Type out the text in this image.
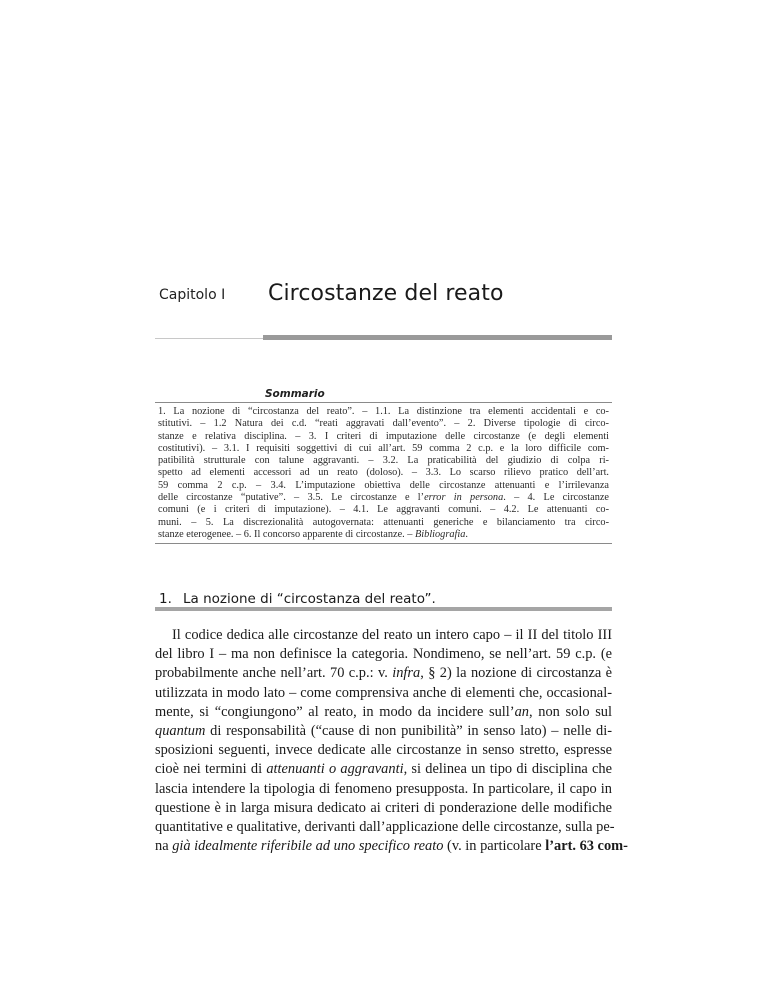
Capitolo I Circostanze del reato
Sommario
1. La nozione di “circostanza del reato”. – 1.1. La distinzione tra elementi accidentali e co-
stitutivi. – 1.2 Natura dei c.d. “reati aggravati dall’evento”. – 2. Diverse tipologie di circo-
stanze e relativa disciplina. – 3. I criteri di imputazione delle circostanze (e degli elementi
costitutivi). – 3.1. I requisiti soggettivi di cui all’art. 59 comma 2 c.p. e la loro difficile com-
patibilità strutturale con talune aggravanti. – 3.2. La praticabilità del giudizio di colpa ri-
spetto ad elementi accessori ad un reato (doloso). – 3.3. Lo scarso rilievo pratico dell’art.
59 comma 2 c.p. – 3.4. L’imputazione obiettiva delle circostanze attenuanti e l’irrilevanza
delle circostanze “putative”. – 3.5. Le circostanze e l’error in persona. – 4. Le circostanze
comuni (e i criteri di imputazione). – 4.1. Le aggravanti comuni. – 4.2. Le attenuanti co-
muni. – 5. La discrezionalità autogovernata: attenuanti generiche e bilanciamento tra circo-
stanze eterogenee. – 6. Il concorso apparente di circostanze. – Bibliografia.
1. La nozione di “circostanza del reato”.
Il codice dedica alle circostanze del reato un intero capo – il II del titolo III
del libro I – ma non definisce la categoria. Nondimeno, se nell’art. 59 c.p. (e
probabilmente anche nell’art. 70 c.p.: v. infra, § 2) la nozione di circostanza è
utilizzata in modo lato – come comprensiva anche di elementi che, occasional-
mente, si “congiungono” al reato, in modo da incidere sull’an, non solo sul
quantum di responsabilità (“cause di non punibilità” in senso lato) – nelle di-
sposizioni seguenti, invece dedicate alle circostanze in senso stretto, espresse
cioè nei termini di attenuanti o aggravanti, si delinea un tipo di disciplina che
lascia intendere la tipologia di fenomeno presupposta. In particolare, il capo in
questione è in larga misura dedicato ai criteri di ponderazione delle modifiche
quantitative e qualitative, derivanti dall’applicazione delle circostanze, sulla pe-
na già idealmente riferibile ad uno specifico reato (v. in particolare l’art. 63 com-
